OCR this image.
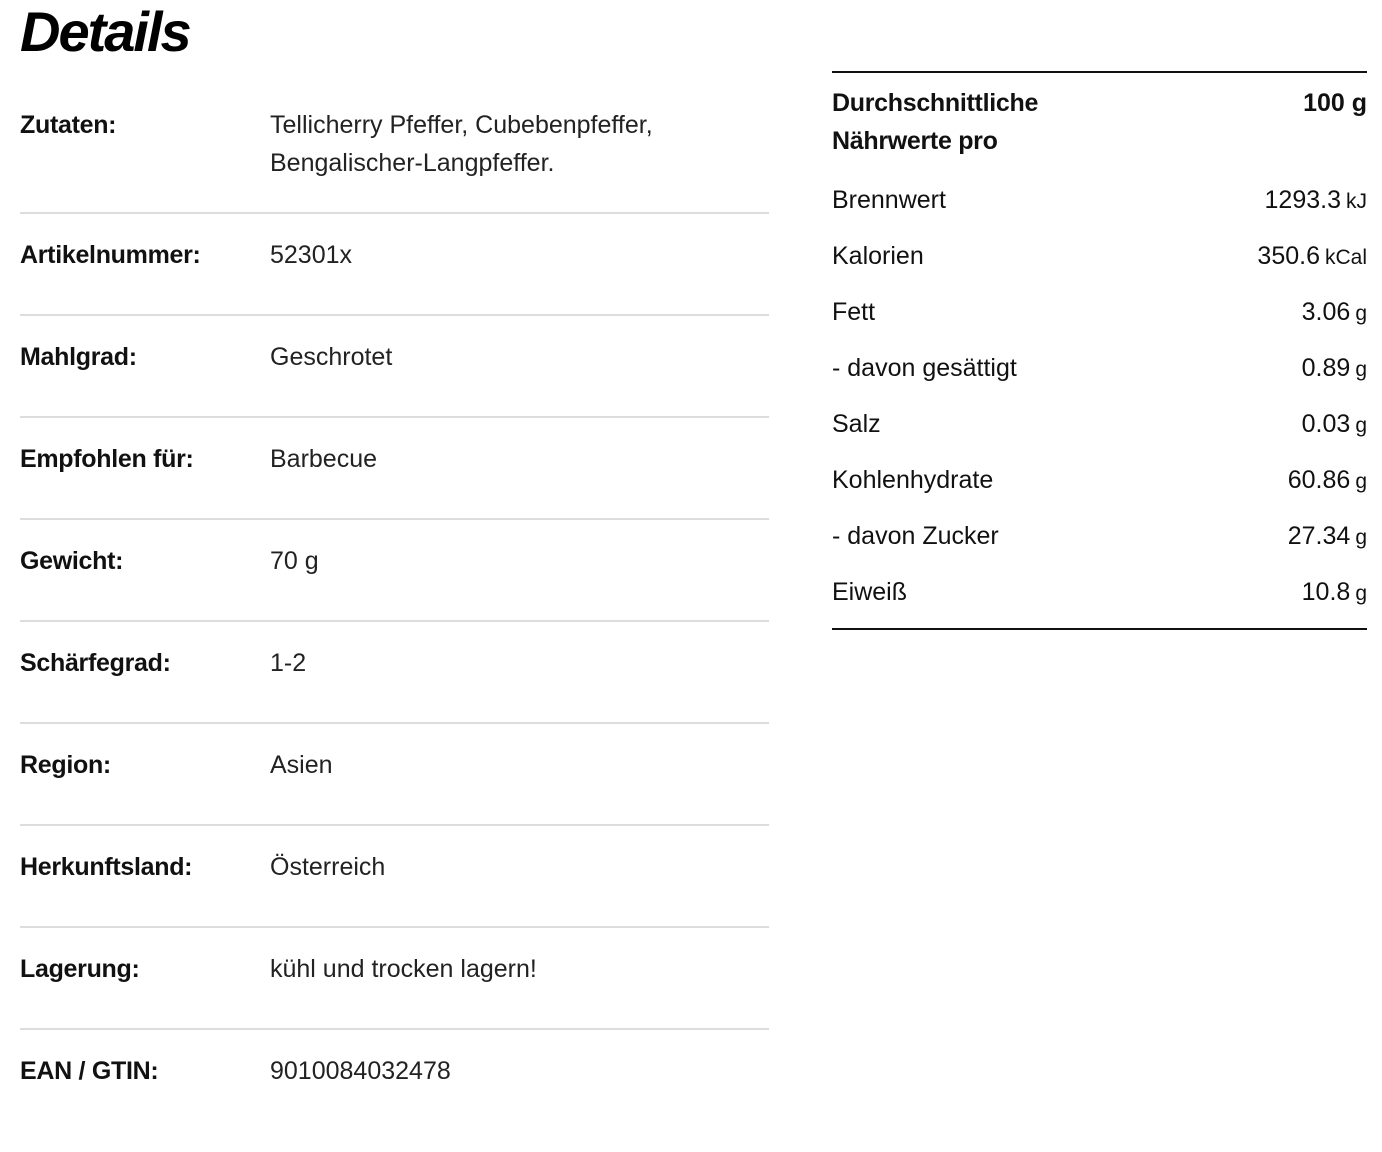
Details
Zutaten:	Tellicherry Pfeffer, Cubebenpfeffer, Bengalischer-Langpfeffer.
Artikelnummer:	52301x
Mahlgrad:	Geschrotet
Empfohlen für:	Barbecue
Gewicht:	70 g
Schärfegrad:	1-2
Region:	Asien
Herkunftsland:	Österreich
Lagerung:	kühl und trocken lagern!
EAN / GTIN:	9010084032478
Durchschnittliche Nährwerte pro
100 g
Brennwert	1293.3 kJ
Kalorien	350.6 kCal
Fett	3.06 g
- davon gesättigt	0.89 g
Salz	0.03 g
Kohlenhydrate	60.86 g
- davon Zucker	27.34 g
Eiweiß	10.8 g
